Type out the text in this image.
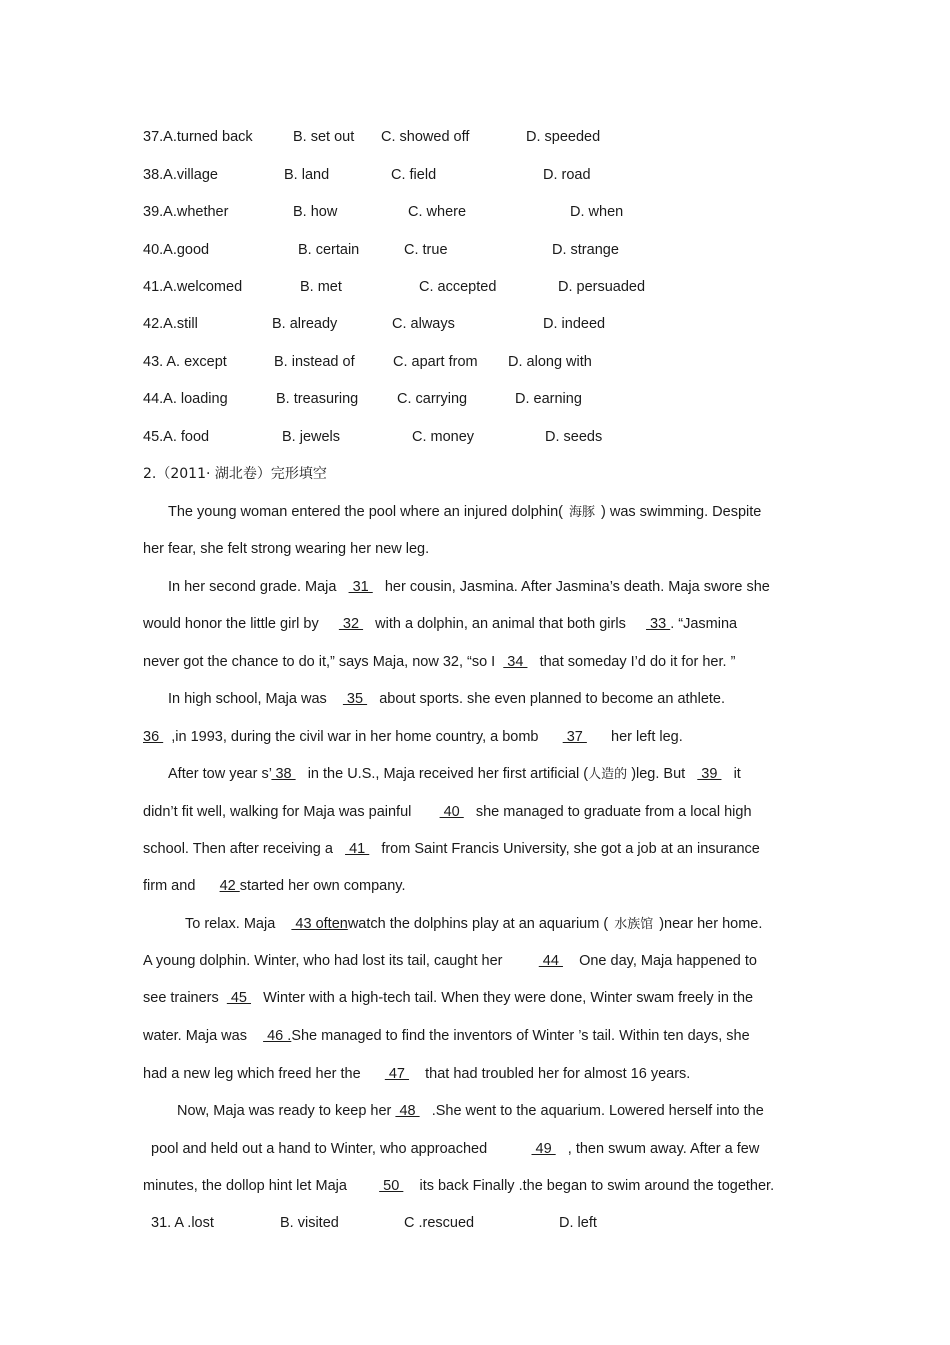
37.A.turned back	B. set out C. showed off	D. speeded
38.A.village	B. land	C. field	D. road
39.A.whether	B. how	C. where	D. when
40.A.good	B. certain	C. true	D. strange
41.A.welcomed	B. met	C. accepted	D. persuaded
42.A.still	B. already	C. always	D. indeed
43. A. except	B. instead of	C. apart from D. along with
44.A. loading	B. treasuring	C. carrying	D. earning
45.A. food	B. jewels	C. money	D. seeds
2.（2011· 湖北卷）完形填空
The young woman entered the pool where an injured dolphin( 海豚 ) was swimming. Despite
her fear, she felt strong wearing her new leg.
In her second grade. Maja    31    her cousin, Jasmina. After Jasmina’s death. Maja swore she
would honor the little girl by      32    with a dolphin, an animal that both girls      33 . “Jasmina
never got the chance to do it,” says Maja, now 32, “so I   34    that someday I’d do it for her. ”
In high school, Maja was     35    about sports. she even planned to become an athlete.
36   ,in 1993, during the civil war in her home country, a bomb       37       her left leg.
After tow year s’ 38    in the U.S., Maja received her first artificial (人造的 )leg. But    39    it
didn’t fit well, walking for Maja was painful        40    she managed to graduate from a local high
school. Then after receiving a    41    from Saint Francis University, she got a job at an insurance
firm and 42 started her own company.
To relax. Maja     43 oftenwatch the dolphins play at an aquarium ( 水族馆 )near her home.
A young dolphin. Winter, who had lost its tail, caught her	44     One day, Maja happened to
see trainers   45    Winter with a high-tech tail. When they were done, Winter swam freely in the
water. Maja was     46 .She managed to find the inventors of Winter ’s tail. Within ten days, she
had a new leg which freed her the       47     that had troubled her for almost 16 years.
Now, Maja was ready to keep her  48    .She went to the aquarium. Lowered herself into the
pool and held out a hand to Winter, who approached	49    , then swum away. After a few
minutes, the dollop hint let Maja         50     its back Finally .the began to swim around the together.
31. A .lost	B. visited	C .rescued	D. left
